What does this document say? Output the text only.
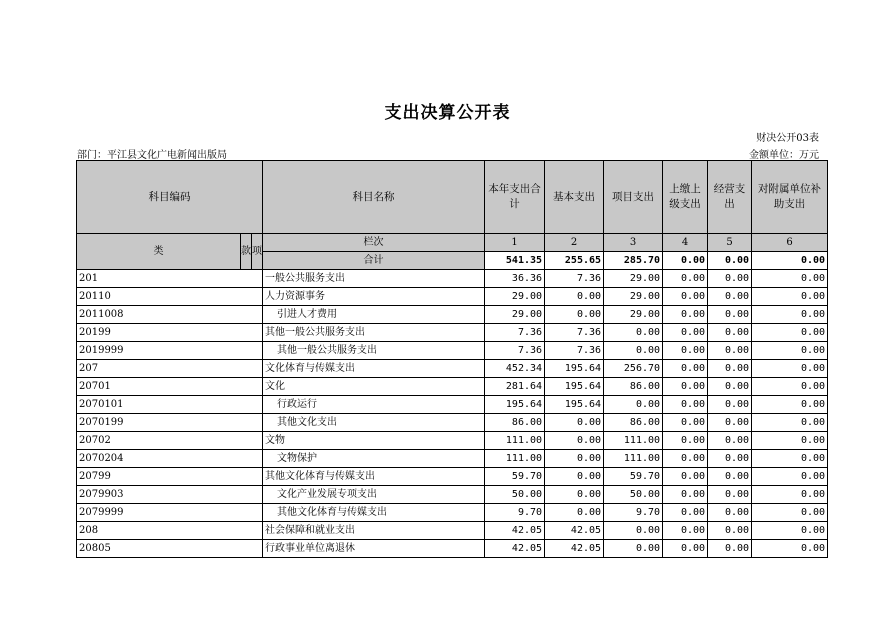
支出决算公开表
财决公开03表
部门：平江县文化广电新闻出版局	金额单位：万元
科目编码			科目名称	本年支出合计	基本支出	项目支出	上缴上级支出	经营支出	对附属单位补助支出
类	款	项	栏次	1	2	3	4	5	6
			合计	541.35	255.65	285.70	0.00	0.00	0.00
201			一般公共服务支出	36.36	7.36	29.00	0.00	0.00	0.00
20110			人力资源事务	29.00	0.00	29.00	0.00	0.00	0.00
2011008			引进人才费用	29.00	0.00	29.00	0.00	0.00	0.00
20199			其他一般公共服务支出	7.36	7.36	0.00	0.00	0.00	0.00
2019999			其他一般公共服务支出	7.36	7.36	0.00	0.00	0.00	0.00
207			文化体育与传媒支出	452.34	195.64	256.70	0.00	0.00	0.00
20701			文化	281.64	195.64	86.00	0.00	0.00	0.00
2070101			行政运行	195.64	195.64	0.00	0.00	0.00	0.00
2070199			其他文化支出	86.00	0.00	86.00	0.00	0.00	0.00
20702			文物	111.00	0.00	111.00	0.00	0.00	0.00
2070204			文物保护	111.00	0.00	111.00	0.00	0.00	0.00
20799			其他文化体育与传媒支出	59.70	0.00	59.70	0.00	0.00	0.00
2079903			文化产业发展专项支出	50.00	0.00	50.00	0.00	0.00	0.00
2079999			其他文化体育与传媒支出	9.70	0.00	9.70	0.00	0.00	0.00
208			社会保障和就业支出	42.05	42.05	0.00	0.00	0.00	0.00
20805			行政事业单位离退休	42.05	42.05	0.00	0.00	0.00	0.00
